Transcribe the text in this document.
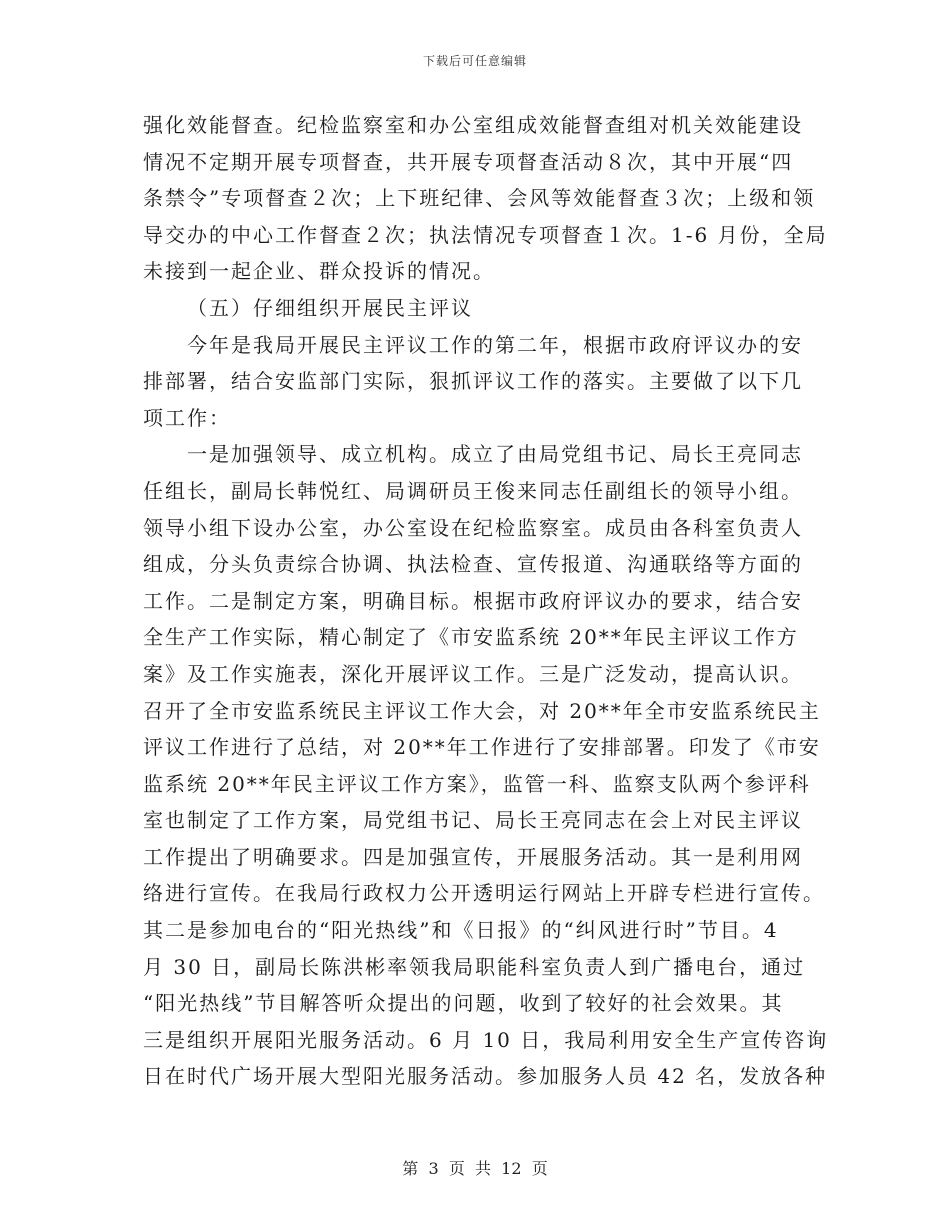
下载后可任意编辑
强化效能督查。纪检监察室和办公室组成效能督查组对机关效能建设
情况不定期开展专项督查，共开展专项督查活动８次，其中开展“四
条禁令”专项督查２次；上下班纪律、会风等效能督查３次；上级和领
导交办的中心工作督查２次；执法情况专项督查１次。1-6 月份，全局
未接到一起企业、群众投诉的情况。
（五）仔细组织开展民主评议
今年是我局开展民主评议工作的第二年，根据市政府评议办的安
排部署，结合安监部门实际，狠抓评议工作的落实。主要做了以下几
项工作：
一是加强领导、成立机构。成立了由局党组书记、局长王亮同志
任组长，副局长韩悦红、局调研员王俊来同志任副组长的领导小组。
领导小组下设办公室，办公室设在纪检监察室。成员由各科室负责人
组成，分头负责综合协调、执法检查、宣传报道、沟通联络等方面的
工作。二是制定方案，明确目标。根据市政府评议办的要求，结合安
全生产工作实际，精心制定了《市安监系统 20**年民主评议工作方
案》及工作实施表，深化开展评议工作。三是广泛发动，提高认识。
召开了全市安监系统民主评议工作大会，对 20**年全市安监系统民主
评议工作进行了总结，对 20**年工作进行了安排部署。印发了《市安
监系统 20**年民主评议工作方案》，监管一科、监察支队两个参评科
室也制定了工作方案，局党组书记、局长王亮同志在会上对民主评议
工作提出了明确要求。四是加强宣传，开展服务活动。其一是利用网
络进行宣传。在我局行政权力公开透明运行网站上开辟专栏进行宣传。
其二是参加电台的“阳光热线”和《日报》的“纠风进行时”节目。4
月 30 日，副局长陈洪彬率领我局职能科室负责人到广播电台，通过
“阳光热线”节目解答听众提出的问题，收到了较好的社会效果。其
三是组织开展阳光服务活动。6 月 10 日，我局利用安全生产宣传咨询
日在时代广场开展大型阳光服务活动。参加服务人员 42 名，发放各种
第  3  页  共  12  页
